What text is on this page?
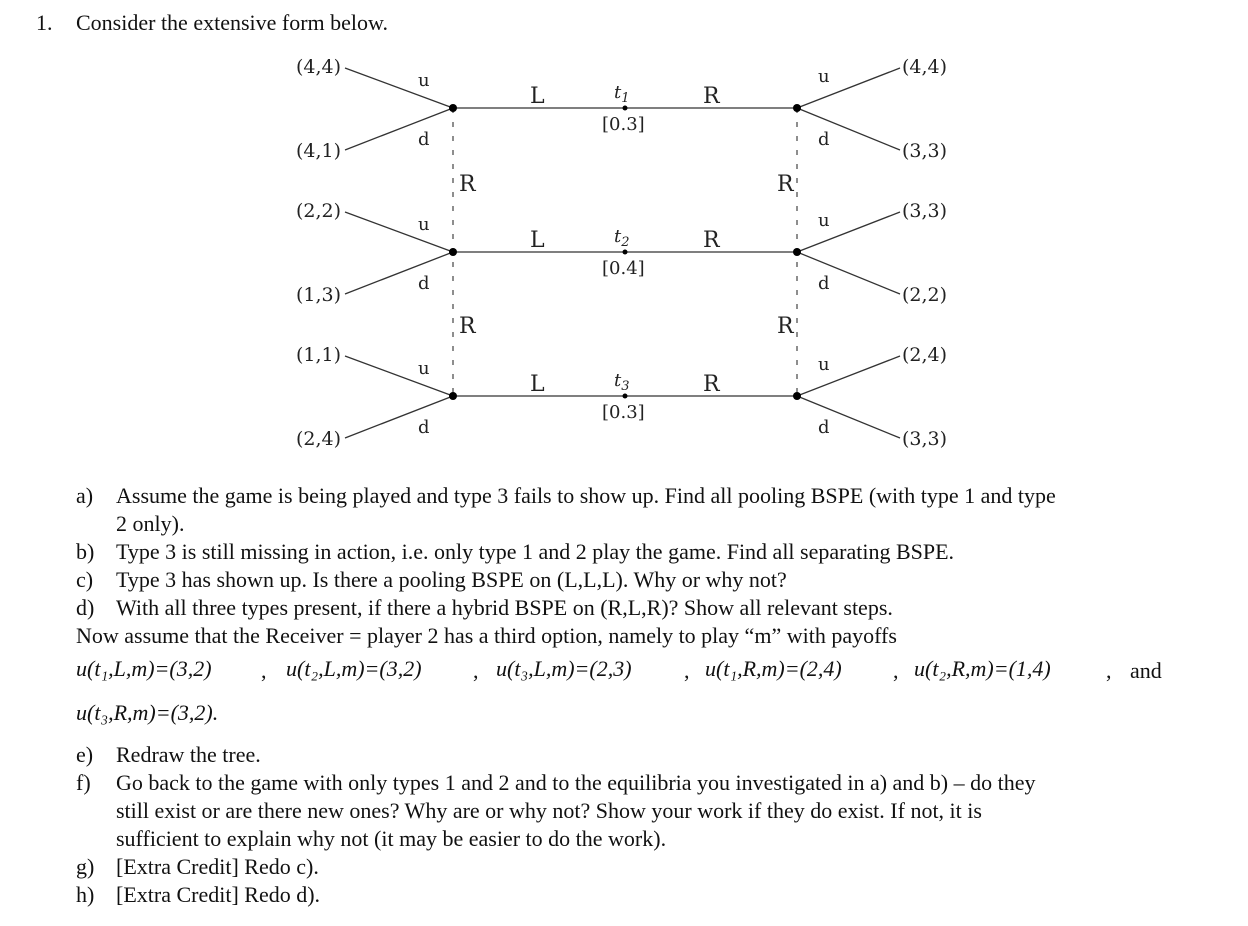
1. Consider the extensive form below.
L	R
L	R
L	R
R	R
R	R
$t_1$
$t_2$
$t_3$
[0.3]
[0.4]
[0.3]
u
d
u
d
u
d
u
d
u
d
u
d
(4,4)
(4,1)
(2,2)
(1,3)
(1,1)
(2,4)
(4,4)
(3,3)
(3,3)
(2,2)
(2,4)
(3,3)
a) Assume the game is being played and type 3 fails to show up. Find all pooling BSPE (with type 1 and type
2 only).
b) Type 3 is still missing in action, i.e. only type 1 and 2 play the game. Find all separating BSPE.
c) Type 3 has shown up. Is there a pooling BSPE on (L,L,L). Why or why not?
d) With all three types present, if there a hybrid BSPE on (R,L,R)? Show all relevant steps.
Now assume that the Receiver = player 2 has a third option, namely to play “m” with payoffs
u(t₁,L,m)=(3,2) , u(t₂,L,m)=(3,2) , u(t₃,L,m)=(2,3) , u(t₁,R,m)=(2,4) , u(t₂,R,m)=(1,4)	, and
u(t₃,R,m)=(3,2).
e) Redraw the tree.
f) Go back to the game with only types 1 and 2 and to the equilibria you investigated in a) and b) – do they
still exist or are there new ones? Why are or why not? Show your work if they do exist. If not, it is
sufficient to explain why not (it may be easier to do the work).
g) [Extra Credit] Redo c).
h) [Extra Credit] Redo d).
